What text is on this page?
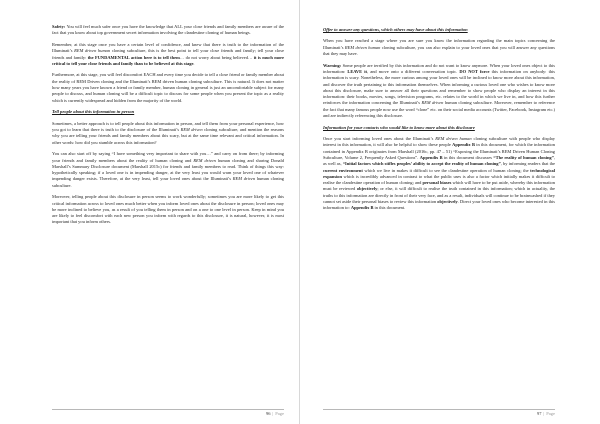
Safety: You will feel much safer once you have the knowledge that ALL your close friends and family members are aware of the fact that you know about top government secret information involving the clandestine cloning of human beings.

Remember, at this stage once you have a certain level of confidence, and knew that there is truth to the information of the Illuminati’s REM driven human cloning subculture, this is the best point to tell your close friends and family; tell your close friends and family: the FUNDAMENTAL action here is to tell them… do not worry about being believed… it is much more critical to tell your close friends and family than to be believed at this stage.

Furthermore, at this stage, you will feel discomfort EACH and every time you decide to tell a close friend or family member about the reality of REM Driven cloning and the Illuminati’s REM driven human cloning subculture. This is natural. It does not matter how many years you have known a friend or family member, human cloning in general is just an uncomfortable subject for many people to discuss, and human cloning will be a difficult topic to discuss for some people when you present the topic as a reality which is currently widespread and hidden from the majority of the world.

Tell people about this information in person

Sometimes, a better approach is to tell people about this information in person, and tell them from your personal experience, how you got to learn that there is truth to the disclosure of the Illuminati’s REM driven cloning subculture, and mention the reasons why you are telling your friends and family members about this scary, but at the same time relevant and critical information. In other words: how did you stumble across this information?

You can also start off by saying “I have something very important to share with you…” and carry on from there; by informing your friends and family members about the reality of human cloning and REM driven human cloning and sharing Donald Marshall’s Summary Disclosure document (Marshall 2015c) for friends and family members to read. Think of things this way: hypothetically speaking; if a loved one is in impending danger, at the very least you would warn your loved one of whatever impending danger exists. Therefore, at the very least, tell your loved ones about the Illuminati’s REM driven human cloning subculture.

Moreover, telling people about this disclosure in person seems to work wonderfully; sometimes you are more likely to get this critical information across to loved ones much better when you inform loved ones about the disclosure in person; loved ones may be more inclined to believe you, as a result of you telling them in person and on a one to one level in person. Keep in mind you are likely to feel discomfort with each new person you inform with regards to this disclosure, it is natural, however, it is most important that you inform others.

96 | Page
Offer to answer any questions, which others may have about this information

When you have reached a stage where you are sure you know the information regarding the main topics concerning the Illuminati’s REM driven human cloning subculture, you can also explain to your loved ones that you will answer any questions that they may have.

Warning: Some people are terrified by this information and do not want to know anymore. When your loved ones object to this information: LEAVE it, and move onto a different conversation topic. DO NOT force this information on anybody: this information is scary. Nonetheless, the more curious among your loved ones will be inclined to know more about this information, and discover the truth pertaining to this information themselves. When informing a curious loved one who wishes to know more about this disclosure, make sure to answer all their questions and remember to show people who display an interest in this information: their books, movies, songs, television programs, etc. relates to the world in which we live in, and how this further reinforces the information concerning the Illuminati’s REM driven human cloning subculture. Moreover, remember to reference the fact that many famous people now use the word “clone” etc. on their social media accounts (Twitter, Facebook, Instagram etc.) and are indirectly referencing this disclosure.

Information for your contacts who would like to know more about this disclosure

Once you start informing loved ones about the Illuminati’s REM driven human cloning subculture with people who display interest in this information, it will also be helpful to show these people Appendix B in this document, for which the information contained in Appendix B originates from Marshall (2016c, pp. 47 – 51) “Exposing the Illuminati’s REM Driven Human Cloning Subculture, Volume 2, Frequently Asked Questions”. Appendix B in this document discusses “The reality of human cloning”, as well as, “Initial factors which stifles peoples’ ability to accept the reality of human cloning”, by informing readers that the current environment which we live in makes it difficult to see the clandestine operation of human cloning; the technological expansion which is incredibly advanced in contrast to what the public uses is also a factor which initially makes it difficult to realise the clandestine operation of human cloning; and personal biases which will have to be put aside, whereby this information must be reviewed objectively; or else, it will difficult to realise the truth contained in this information; which in actuality, the truths to this information are directly in front of their very face, and as a result, individuals will continue to be brainwashed if they cannot set aside their personal biases to review this information objectively. Direct your loved ones who become interested in this information to: Appendix B in this document.

97 | Page
